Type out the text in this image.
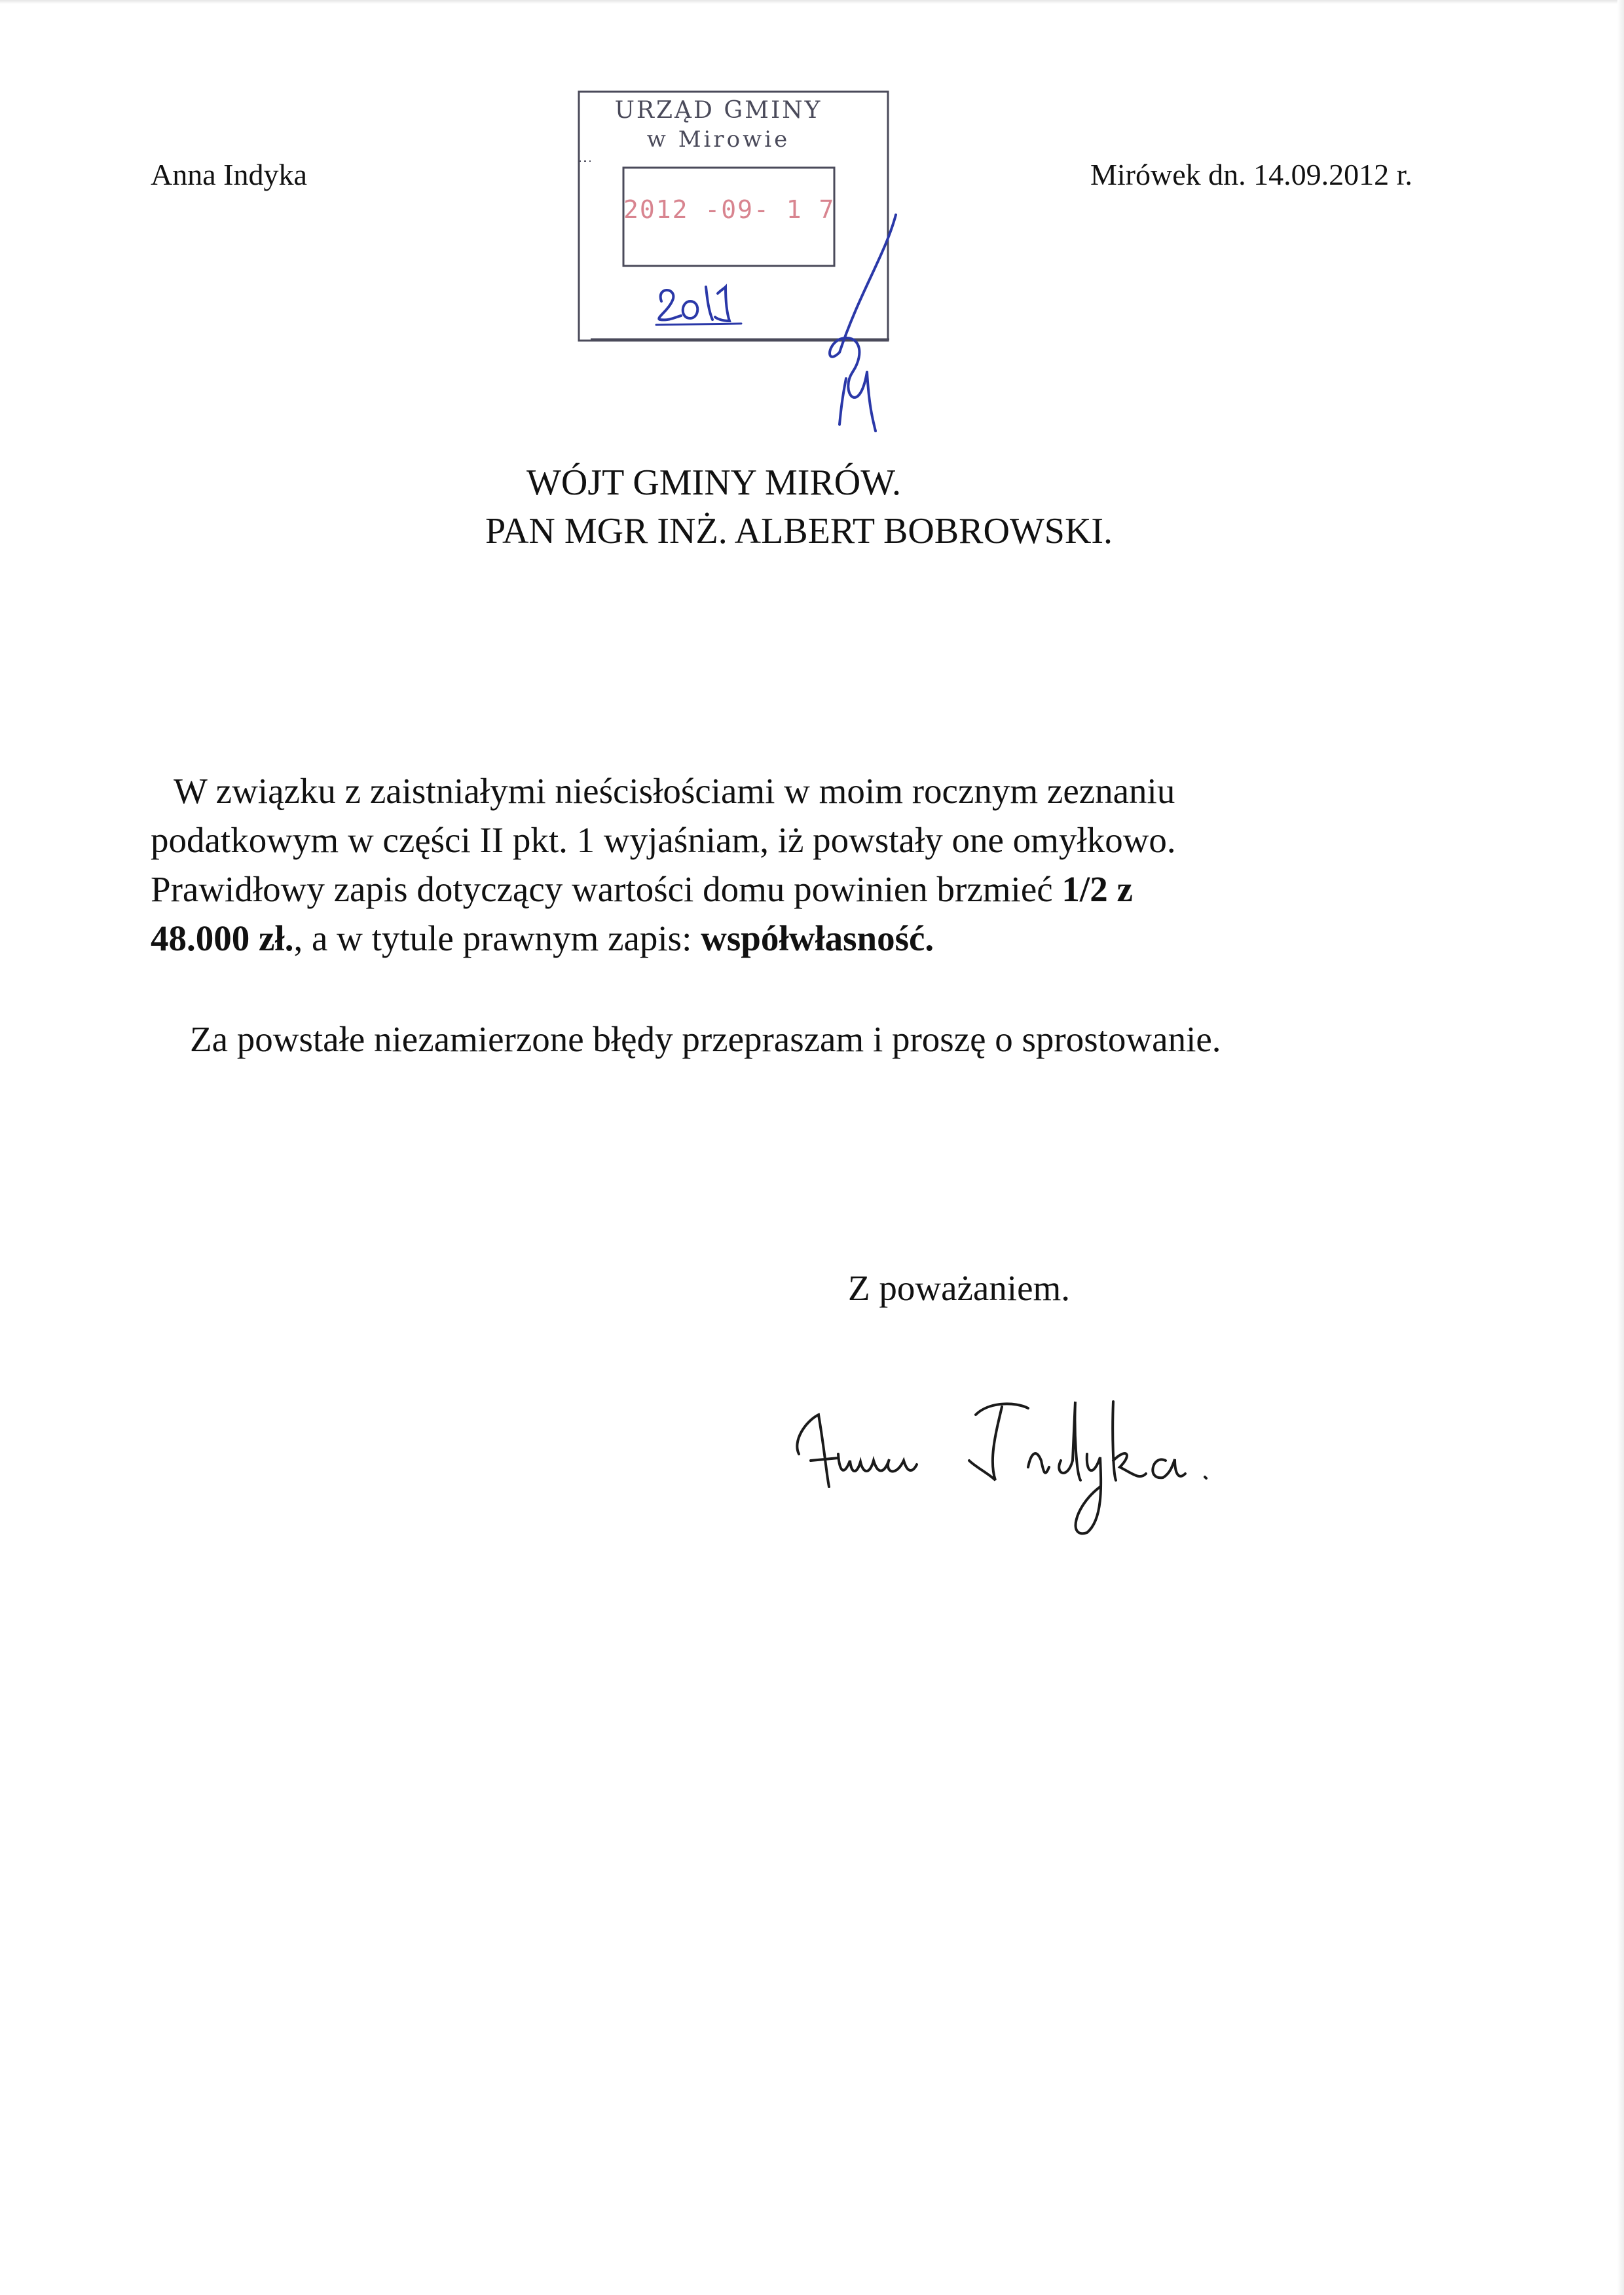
Anna Indyka	Mirówek dn. 14.09.2012 r.
URZĄD GMINY
w Mirowie
2012 -09- 1 7
WÓJT GMINY MIRÓW.
PAN MGR INŻ. ALBERT BOBROWSKI.
W związku z zaistniałymi nieścisłościami w moim rocznym zeznaniu
podatkowym w części II pkt. 1 wyjaśniam, iż powstały one omyłkowo.
Prawidłowy zapis dotyczący wartości domu powinien brzmieć 1/2 z
48.000 zł., a w tytule prawnym zapis: współwłasność.
Za powstałe niezamierzone błędy przepraszam i proszę o sprostowanie.
Z poważaniem.
